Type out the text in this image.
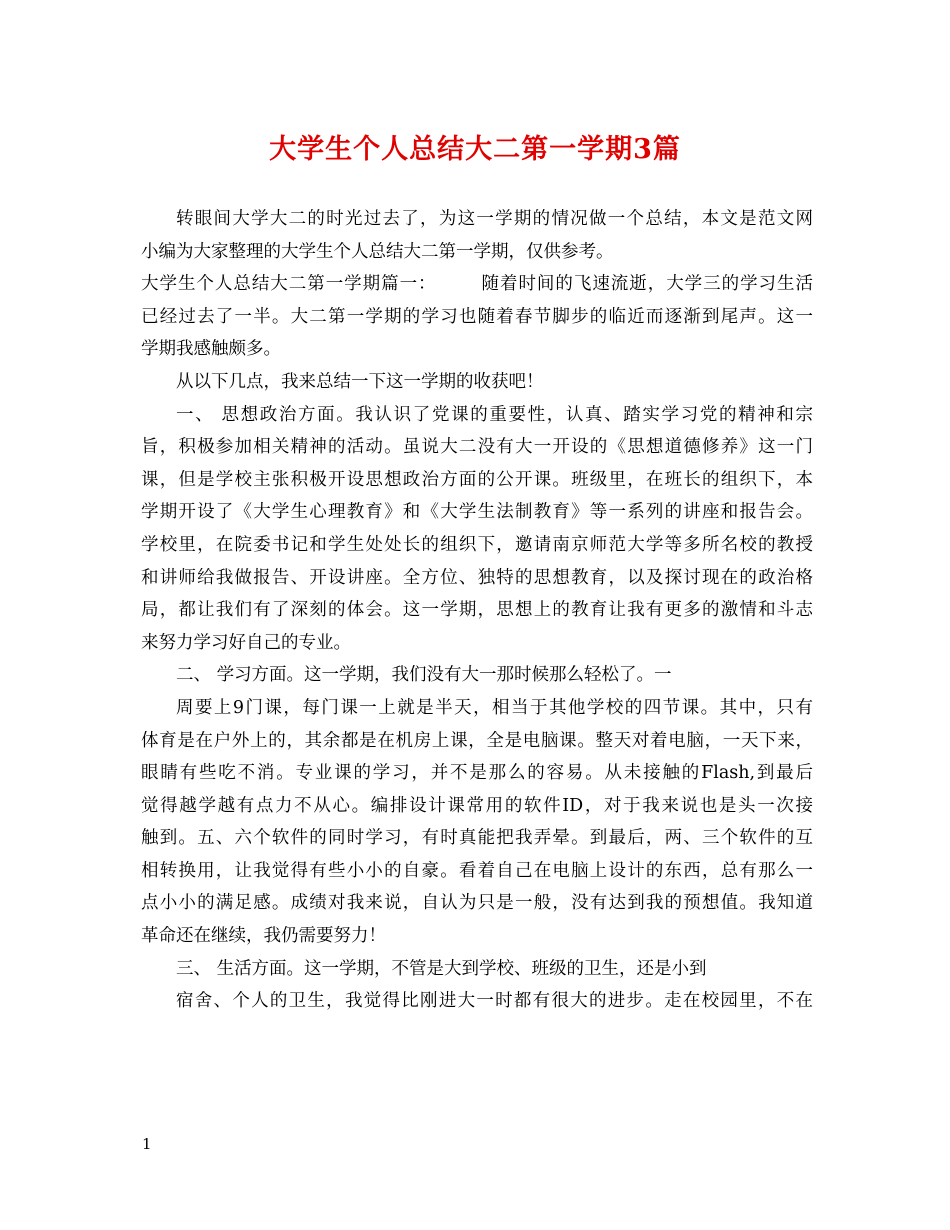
大学生个人总结大二第一学期3篇
转眼间大学大二的时光过去了，为这一学期的情况做一个总结，本文是范文网
小编为大家整理的大学生个人总结大二第一学期，仅供参考。
大学生个人总结大二第一学期篇一：	随着时间的飞速流逝，大学三的学习生活
已经过去了一半。大二第一学期的学习也随着春节脚步的临近而逐渐到尾声。这一
学期我感触颇多。
从以下几点，我来总结一下这一学期的收获吧！
一、 思想政治方面。我认识了党课的重要性，认真、踏实学习党的精神和宗
旨，积极参加相关精神的活动。虽说大二没有大一开设的《思想道德修养》这一门
课，但是学校主张积极开设思想政治方面的公开课。班级里，在班长的组织下，本
学期开设了《大学生心理教育》和《大学生法制教育》等一系列的讲座和报告会。
学校里，在院委书记和学生处处长的组织下，邀请南京师范大学等多所名校的教授
和讲师给我做报告、开设讲座。全方位、独特的思想教育，以及探讨现在的政治格
局，都让我们有了深刻的体会。这一学期，思想上的教育让我有更多的激情和斗志
来努力学习好自己的专业。
二、 学习方面。这一学期，我们没有大一那时候那么轻松了。一
周要上9门课，每门课一上就是半天，相当于其他学校的四节课。其中，只有
体育是在户外上的，其余都是在机房上课，全是电脑课。整天对着电脑，一天下来，
眼睛有些吃不消。专业课的学习，并不是那么的容易。从未接触的Flash,到最后
觉得越学越有点力不从心。编排设计课常用的软件ID，对于我来说也是头一次接
触到。五、六个软件的同时学习，有时真能把我弄晕。到最后，两、三个软件的互
相转换用，让我觉得有些小小的自豪。看着自己在电脑上设计的东西，总有那么一
点小小的满足感。成绩对我来说，自认为只是一般，没有达到我的预想值。我知道
革命还在继续，我仍需要努力！
三、 生活方面。这一学期，不管是大到学校、班级的卫生，还是小到
宿舍、个人的卫生，我觉得比刚进大一时都有很大的进步。走在校园里，不在
1
